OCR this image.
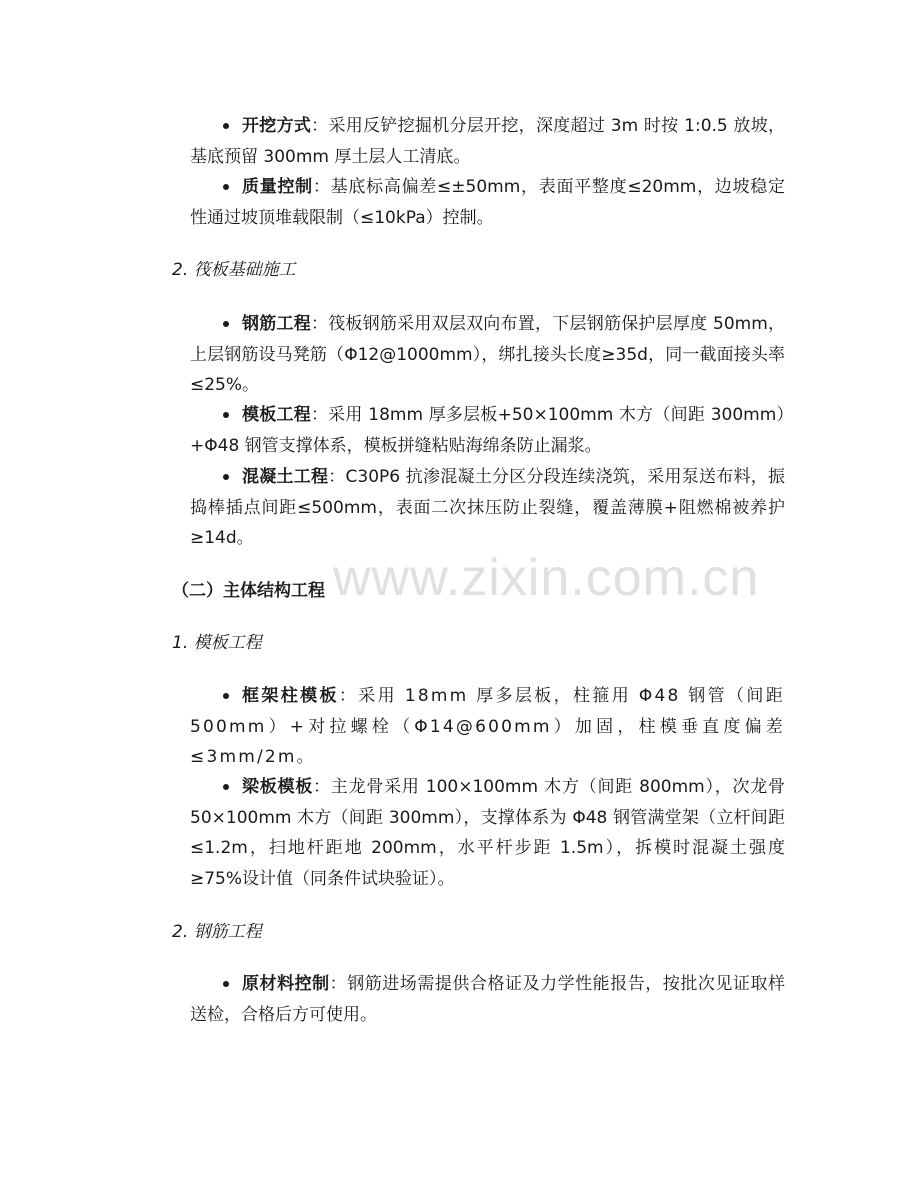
开挖方式：采用反铲挖掘机分层开挖，深度超过 3m 时按 1:0.5 放坡，基底预留 300mm 厚土层人工清底。

质量控制：基底标高偏差≤±50mm，表面平整度≤20mm，边坡稳定性通过坡顶堆载限制（≤10kPa）控制。

2. 筏板基础施工

钢筋工程：筏板钢筋采用双层双向布置，下层钢筋保护层厚度 50mm，上层钢筋设马凳筋（Φ12@1000mm），绑扎接头长度≥35d，同一截面接头率≤25%。

模板工程：采用 18mm 厚多层板+50×100mm 木方（间距 300mm）+Φ48 钢管支撑体系，模板拼缝粘贴海绵条防止漏浆。

混凝土工程：C30P6 抗渗混凝土分区分段连续浇筑，采用泵送布料，振捣棒插点间距≤500mm，表面二次抹压防止裂缝，覆盖薄膜+阻燃棉被养护≥14d。

（二）主体结构工程

1. 模板工程

框架柱模板：采用 18mm 厚多层板，柱箍用 Φ48 钢管（间距 500mm）+对拉螺栓（Φ14@600mm）加固，柱模垂直度偏差≤3mm/2m。

梁板模板：主龙骨采用 100×100mm 木方（间距 800mm），次龙骨 50×100mm 木方（间距 300mm），支撑体系为 Φ48 钢管满堂架（立杆间距≤1.2m，扫地杆距地 200mm，水平杆步距 1.5m），拆模时混凝土强度≥75%设计值（同条件试块验证）。

2. 钢筋工程

原材料控制：钢筋进场需提供合格证及力学性能报告，按批次见证取样送检，合格后方可使用。

www.zixin.com.cn
